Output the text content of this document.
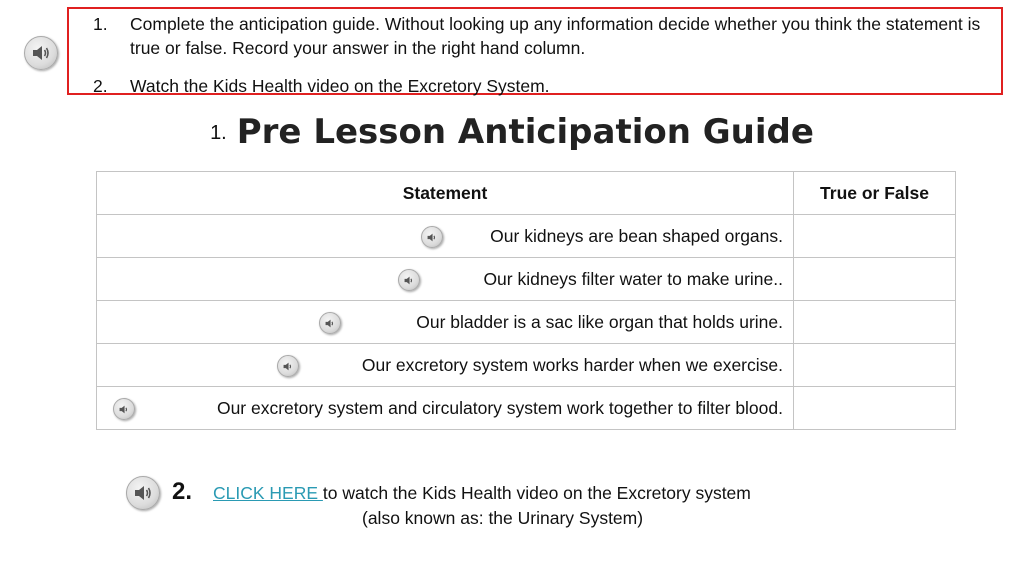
1. Complete the anticipation guide. Without looking up any information decide whether you think the statement is true or false. Record your answer in the right hand column.
2. Watch the Kids Health video on the Excretory System.
1. Pre Lesson Anticipation Guide
Statement	True or False

Our kidneys are bean shaped organs.	

Our kidneys filter water to make urine..	

Our bladder is a sac like organ that holds urine.	

Our excretory system works harder when we exercise.	

Our excretory system and circulatory system work together to filter blood.	
2. CLICK HERE to watch the Kids Health video on the Excretory system
(also known as: the Urinary System)
